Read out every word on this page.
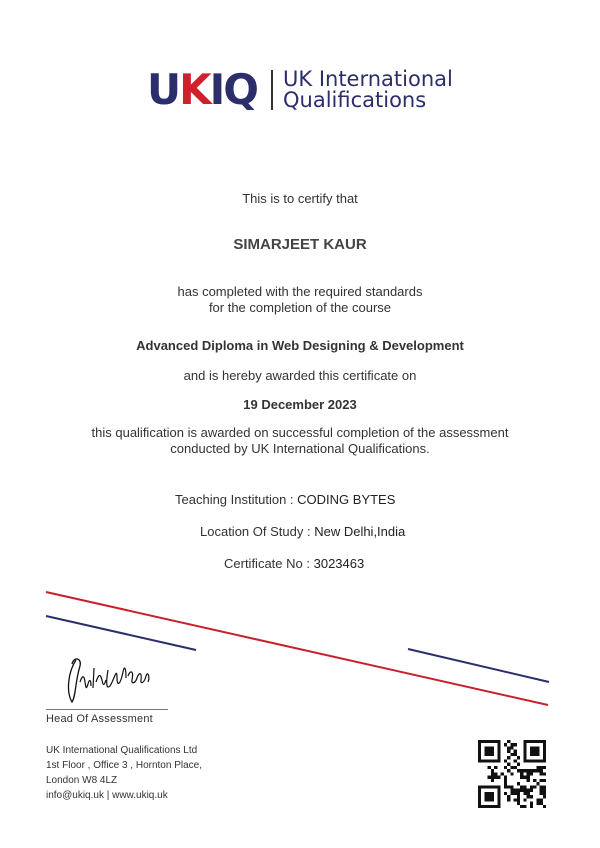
UKIQ UK International
Qualifications
This is to certify that
SIMARJEET KAUR
has completed with the required standards
for the completion of the course
Advanced Diploma in Web Designing & Development
and is hereby awarded this certificate on
19 December 2023
this qualification is awarded on successful completion of the assessment
conducted by UK International Qualifications.
Teaching Institution : CODING BYTES
Location Of Study : New Delhi,India
Certificate No : 3023463
Head Of Assessment
UK International Qualifications Ltd
1st Floor , Office 3 , Hornton Place,
London W8 4LZ
info@ukiq.uk | www.ukiq.uk
